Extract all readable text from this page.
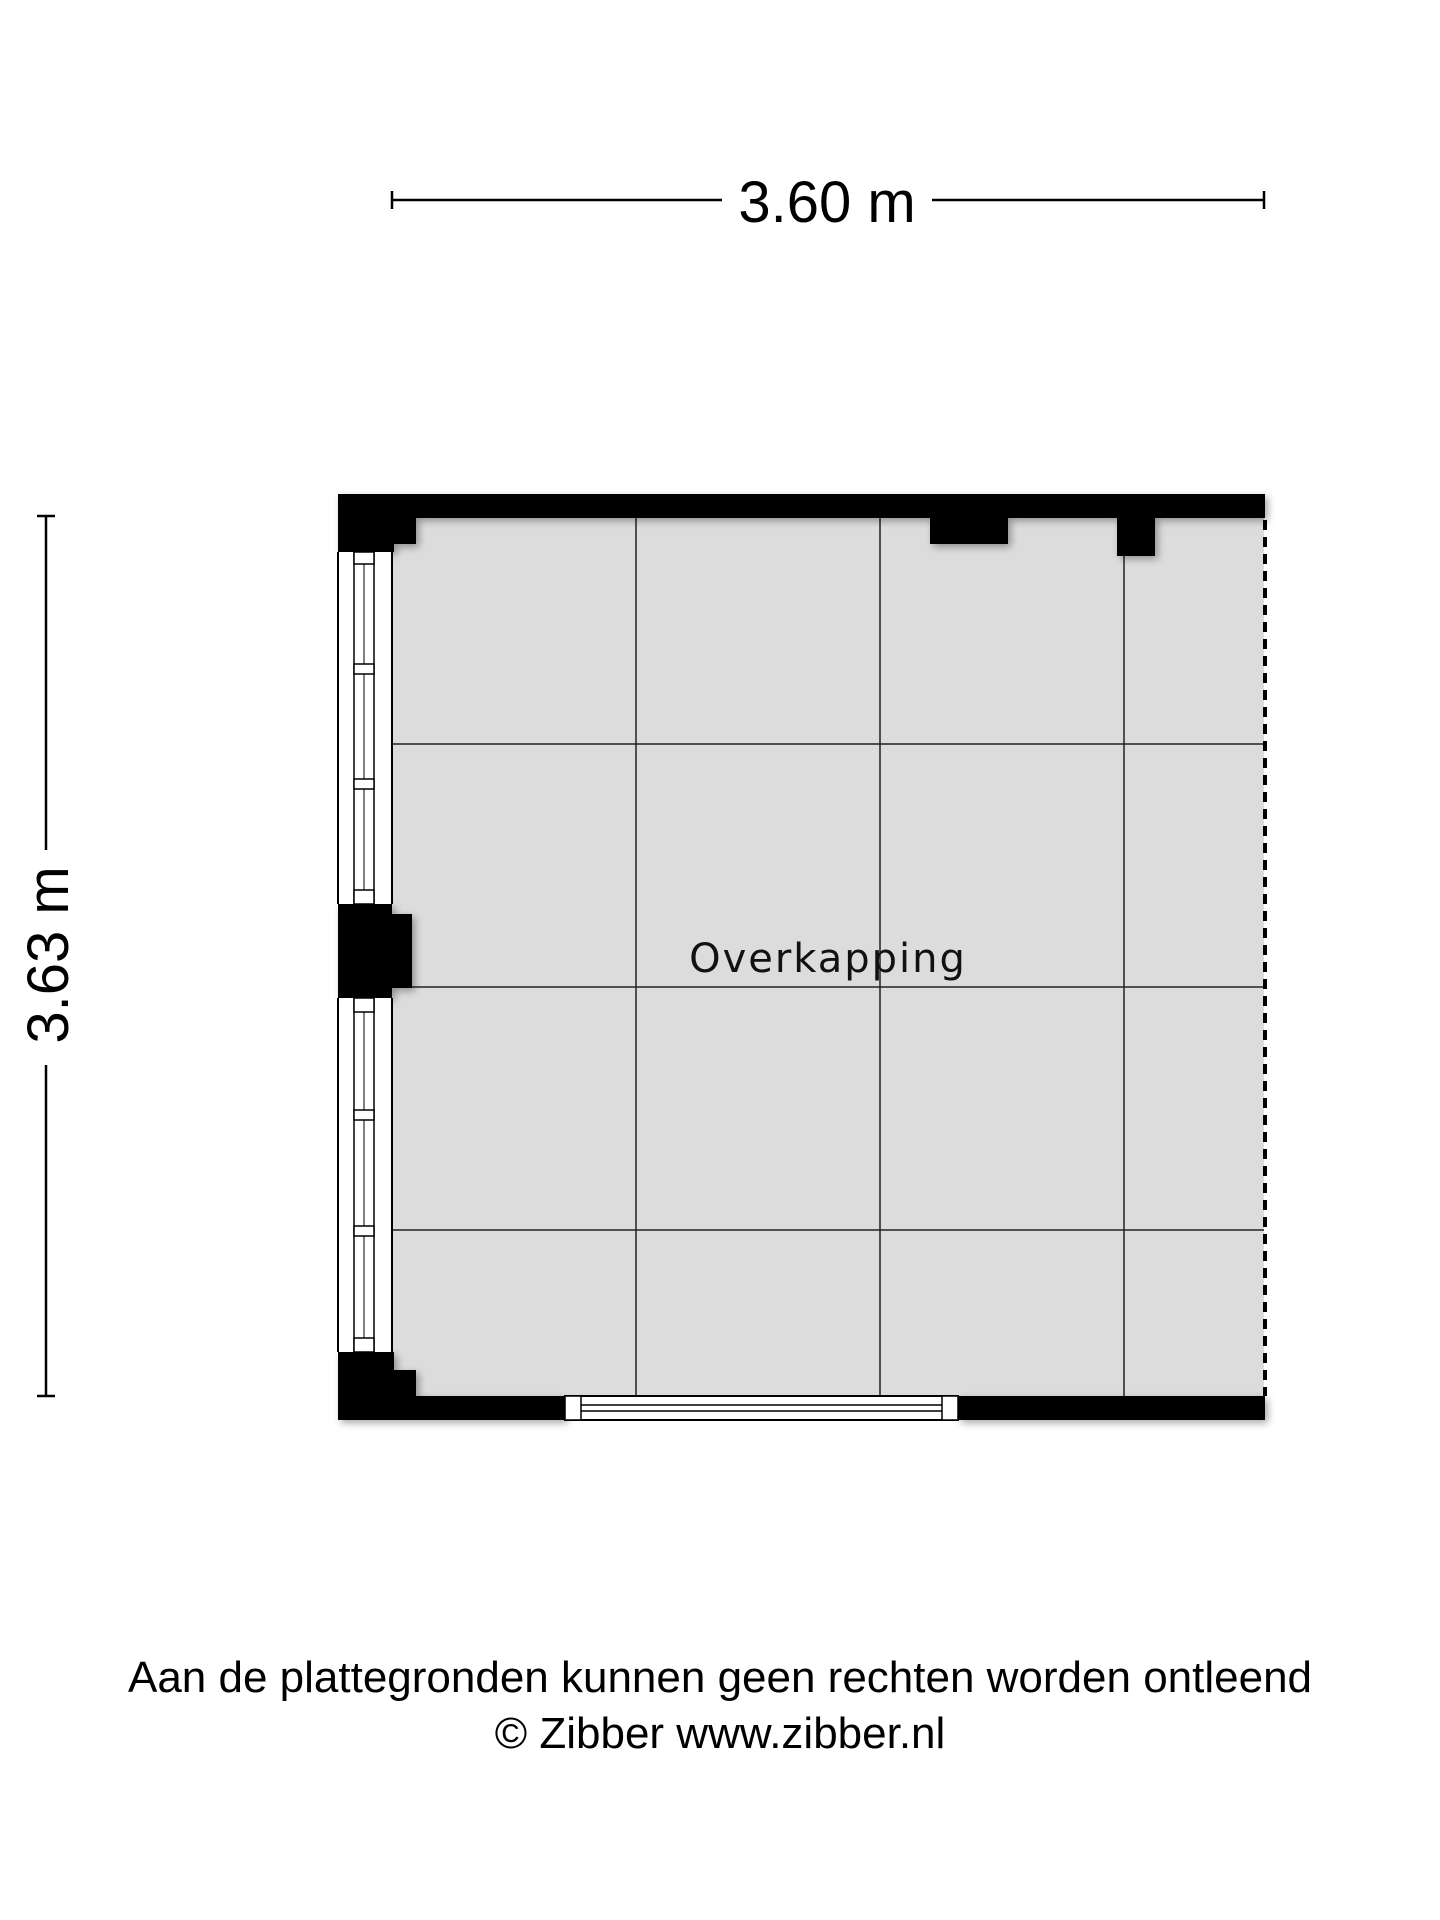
3.60 m
3.63 m	Overkapping
Aan de plattegronden kunnen geen rechten worden ontleend
© Zibber www.zibber.nl
